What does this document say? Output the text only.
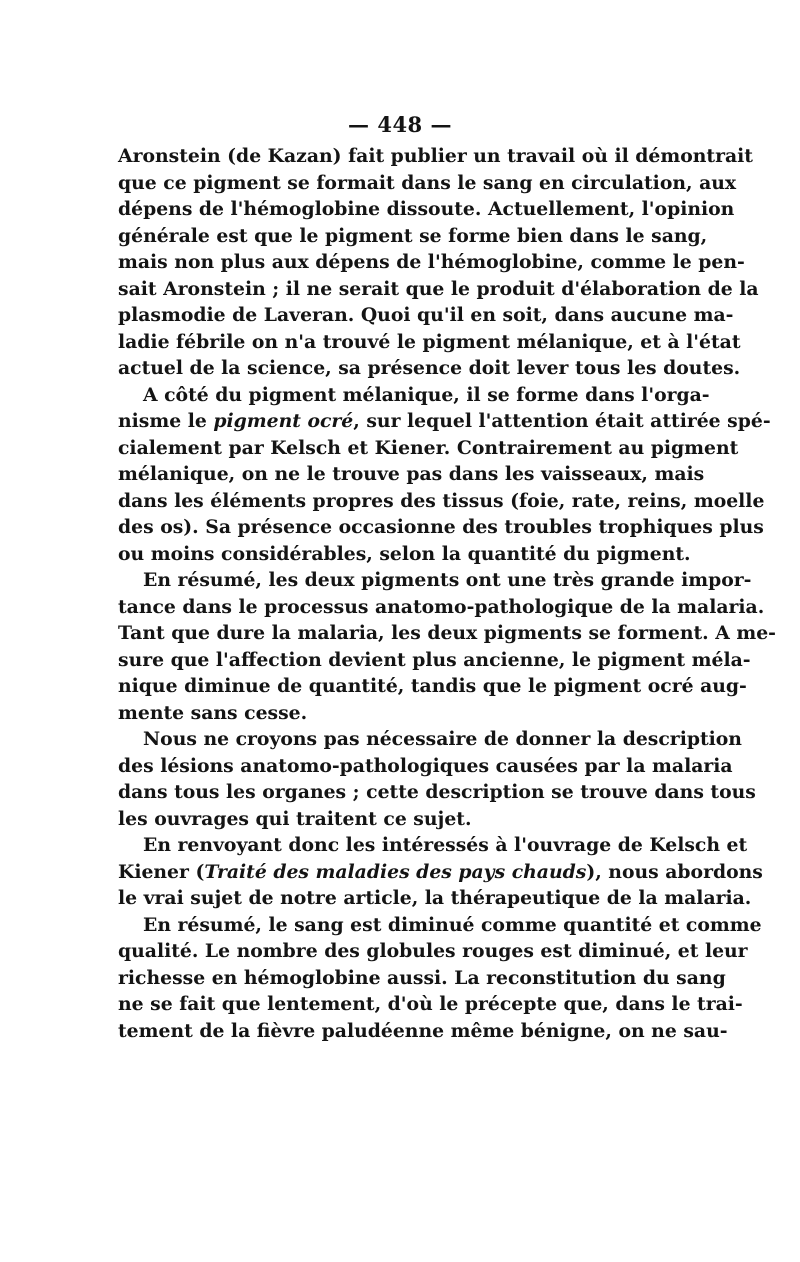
— 448 —
Aronstein (de Kazan) fait publier un travail où il démontrait
que ce pigment se formait dans le sang en circulation, aux
dépens de l'hémoglobine dissoute. Actuellement, l'opinion
générale est que le pigment se forme bien dans le sang,
mais non plus aux dépens de l'hémoglobine, comme le pen-
sait Aronstein ; il ne serait que le produit d'élaboration de la
plasmodie de Laveran. Quoi qu'il en soit, dans aucune ma-
ladie fébrile on n'a trouvé le pigment mélanique, et à l'état
actuel de la science, sa présence doit lever tous les doutes.
A côté du pigment mélanique, il se forme dans l'orga-
nisme le pigment ocré, sur lequel l'attention était attirée spé-
cialement par Kelsch et Kiener. Contrairement au pigment
mélanique, on ne le trouve pas dans les vaisseaux, mais
dans les éléments propres des tissus (foie, rate, reins, moelle
des os). Sa présence occasionne des troubles trophiques plus
ou moins considérables, selon la quantité du pigment.
En résumé, les deux pigments ont une très grande impor-
tance dans le processus anatomo-pathologique de la malaria.
Tant que dure la malaria, les deux pigments se forment. A me-
sure que l'affection devient plus ancienne, le pigment méla-
nique diminue de quantité, tandis que le pigment ocré aug-
mente sans cesse.
Nous ne croyons pas nécessaire de donner la description
des lésions anatomo-pathologiques causées par la malaria
dans tous les organes ; cette description se trouve dans tous
les ouvrages qui traitent ce sujet.
En renvoyant donc les intéressés à l'ouvrage de Kelsch et
Kiener (Traité des maladies des pays chauds), nous abordons
le vrai sujet de notre article, la thérapeutique de la malaria.
En résumé, le sang est diminué comme quantité et comme
qualité. Le nombre des globules rouges est diminué, et leur
richesse en hémoglobine aussi. La reconstitution du sang
ne se fait que lentement, d'où le précepte que, dans le trai-
tement de la fièvre paludéenne même bénigne, on ne sau-
